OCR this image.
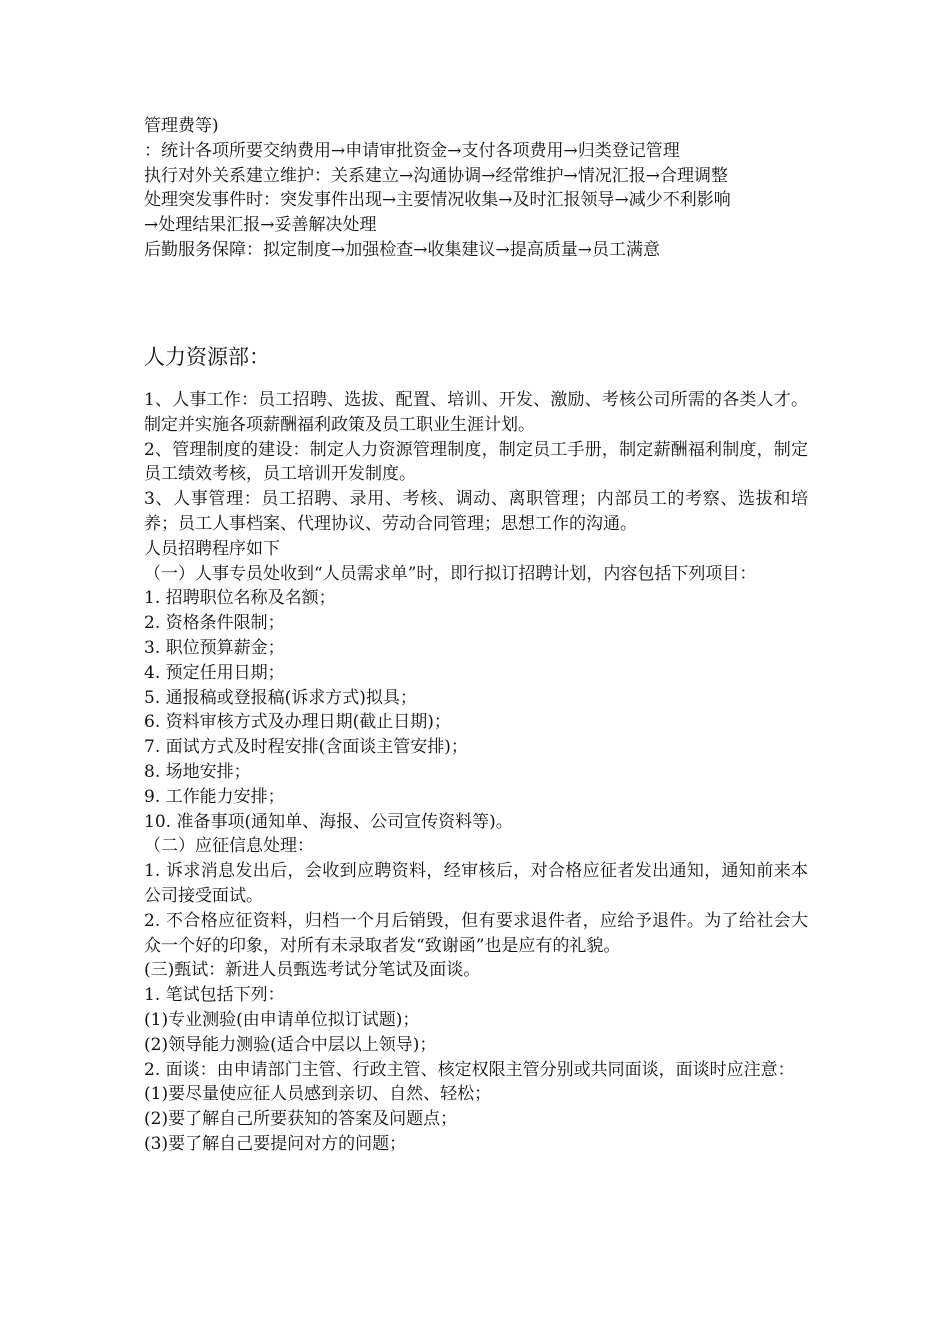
管理费等)
：统计各项所要交纳费用→申请审批资金→支付各项费用→归类登记管理
执行对外关系建立维护：关系建立→沟通协调→经常维护→情况汇报→合理调整
处理突发事件时：突发事件出现→主要情况收集→及时汇报领导→减少不利影响
→处理结果汇报→妥善解决处理
后勤服务保障：拟定制度→加强检查→收集建议→提高质量→员工满意
人力资源部：
1、人事工作：员工招聘、选拔、配置、培训、开发、激励、考核公司所需的各类人才。制定并实施各项薪酬福利政策及员工职业生涯计划。
2、管理制度的建设：制定人力资源管理制度，制定员工手册，制定薪酬福利制度，制定员工绩效考核，员工培训开发制度。
3、人事管理：员工招聘、录用、考核、调动、离职管理；内部员工的考察、选拔和培养；员工人事档案、代理协议、劳动合同管理；思想工作的沟通。
人员招聘程序如下
（一）人事专员处收到“人员需求单”时，即行拟订招聘计划，内容包括下列项目：
1. 招聘职位名称及名额；
2. 资格条件限制；
3. 职位预算薪金；
4. 预定任用日期；
5. 通报稿或登报稿(诉求方式)拟具；
6. 资料审核方式及办理日期(截止日期)；
7. 面试方式及时程安排(含面谈主管安排)；
8. 场地安排；
9. 工作能力安排；
10. 准备事项(通知单、海报、公司宣传资料等)。
（二）应征信息处理：
1. 诉求消息发出后，会收到应聘资料，经审核后，对合格应征者发出通知，通知前来本公司接受面试。
2. 不合格应征资料，归档一个月后销毁，但有要求退件者，应给予退件。为了给社会大众一个好的印象，对所有未录取者发“致谢函”也是应有的礼貌。
(三)甄试：新进人员甄选考试分笔试及面谈。
1. 笔试包括下列：
(1)专业测验(由申请单位拟订试题)；
(2)领导能力测验(适合中层以上领导)；
2. 面谈：由申请部门主管、行政主管、核定权限主管分别或共同面谈，面谈时应注意：
(1)要尽量使应征人员感到亲切、自然、轻松；
(2)要了解自己所要获知的答案及问题点；
(3)要了解自己要提问对方的问题；
